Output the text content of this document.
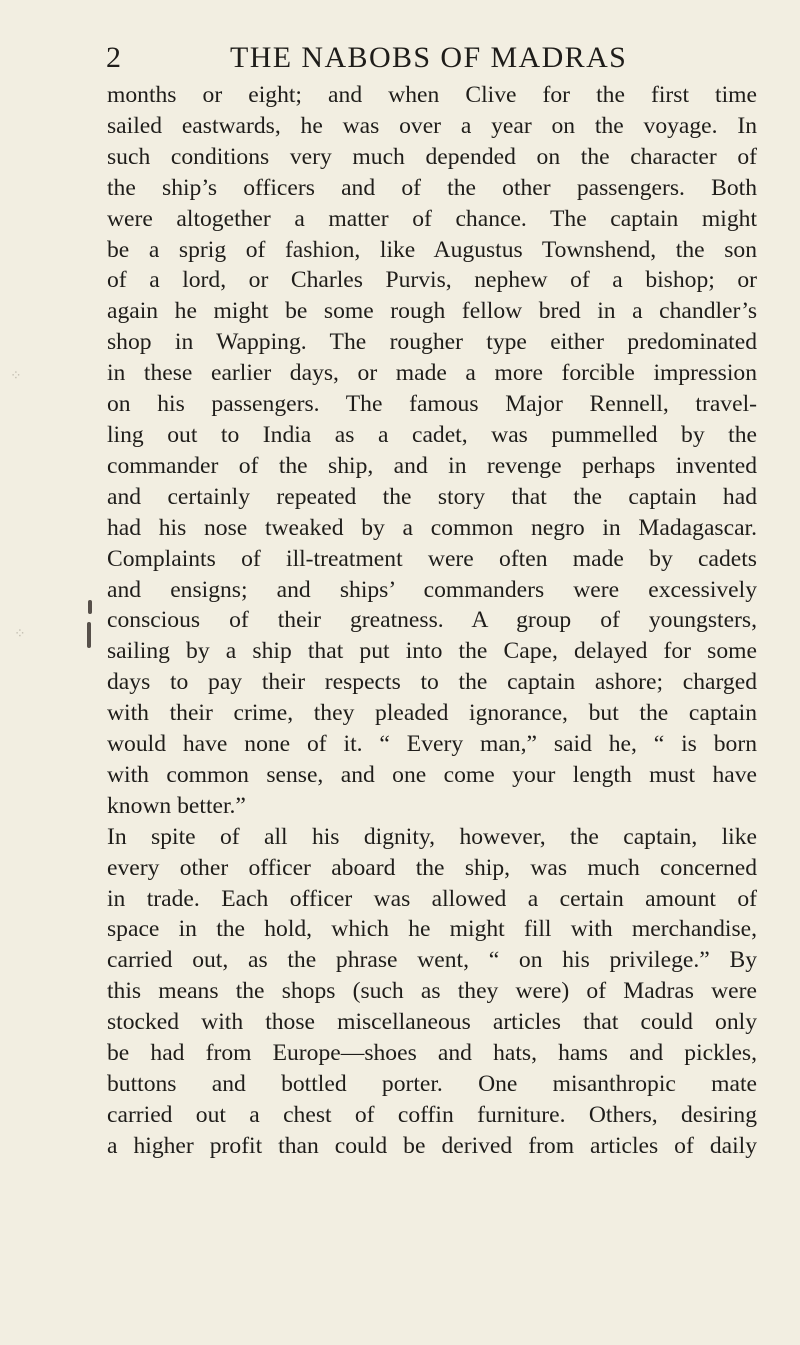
2	THE NABOBS OF MADRAS
months or eight; and when Clive for the first time
sailed eastwards, he was over a year on the voyage. In
such conditions very much depended on the character of
the ship’s officers and of the other passengers. Both
were altogether a matter of chance. The captain might
be a sprig of fashion, like Augustus Townshend, the son
of a lord, or Charles Purvis, nephew of a bishop; or
again he might be some rough fellow bred in a chandler’s
shop in Wapping. The rougher type either predominated
in these earlier days, or made a more forcible impression
on his passengers. The famous Major Rennell, travel-
ling out to India as a cadet, was pummelled by the
commander of the ship, and in revenge perhaps invented
and certainly repeated the story that the captain had
had his nose tweaked by a common negro in Madagascar.
Complaints of ill-treatment were often made by cadets
and ensigns; and ships’ commanders were excessively
conscious of their greatness. A group of youngsters,
sailing by a ship that put into the Cape, delayed for some
days to pay their respects to the captain ashore; charged
with their crime, they pleaded ignorance, but the captain
would have none of it. “ Every man,” said he, “ is born
with common sense, and one come your length must have
known better.”
In spite of all his dignity, however, the captain, like
every other officer aboard the ship, was much concerned
in trade. Each officer was allowed a certain amount of
space in the hold, which he might fill with merchandise,
carried out, as the phrase went, “ on his privilege.” By
this means the shops (such as they were) of Madras were
stocked with those miscellaneous articles that could only
be had from Europe—shoes and hats, hams and pickles,
buttons and bottled porter. One misanthropic mate
carried out a chest of coffin furniture. Others, desiring
a higher profit than could be derived from articles of daily
⁘
⁘
